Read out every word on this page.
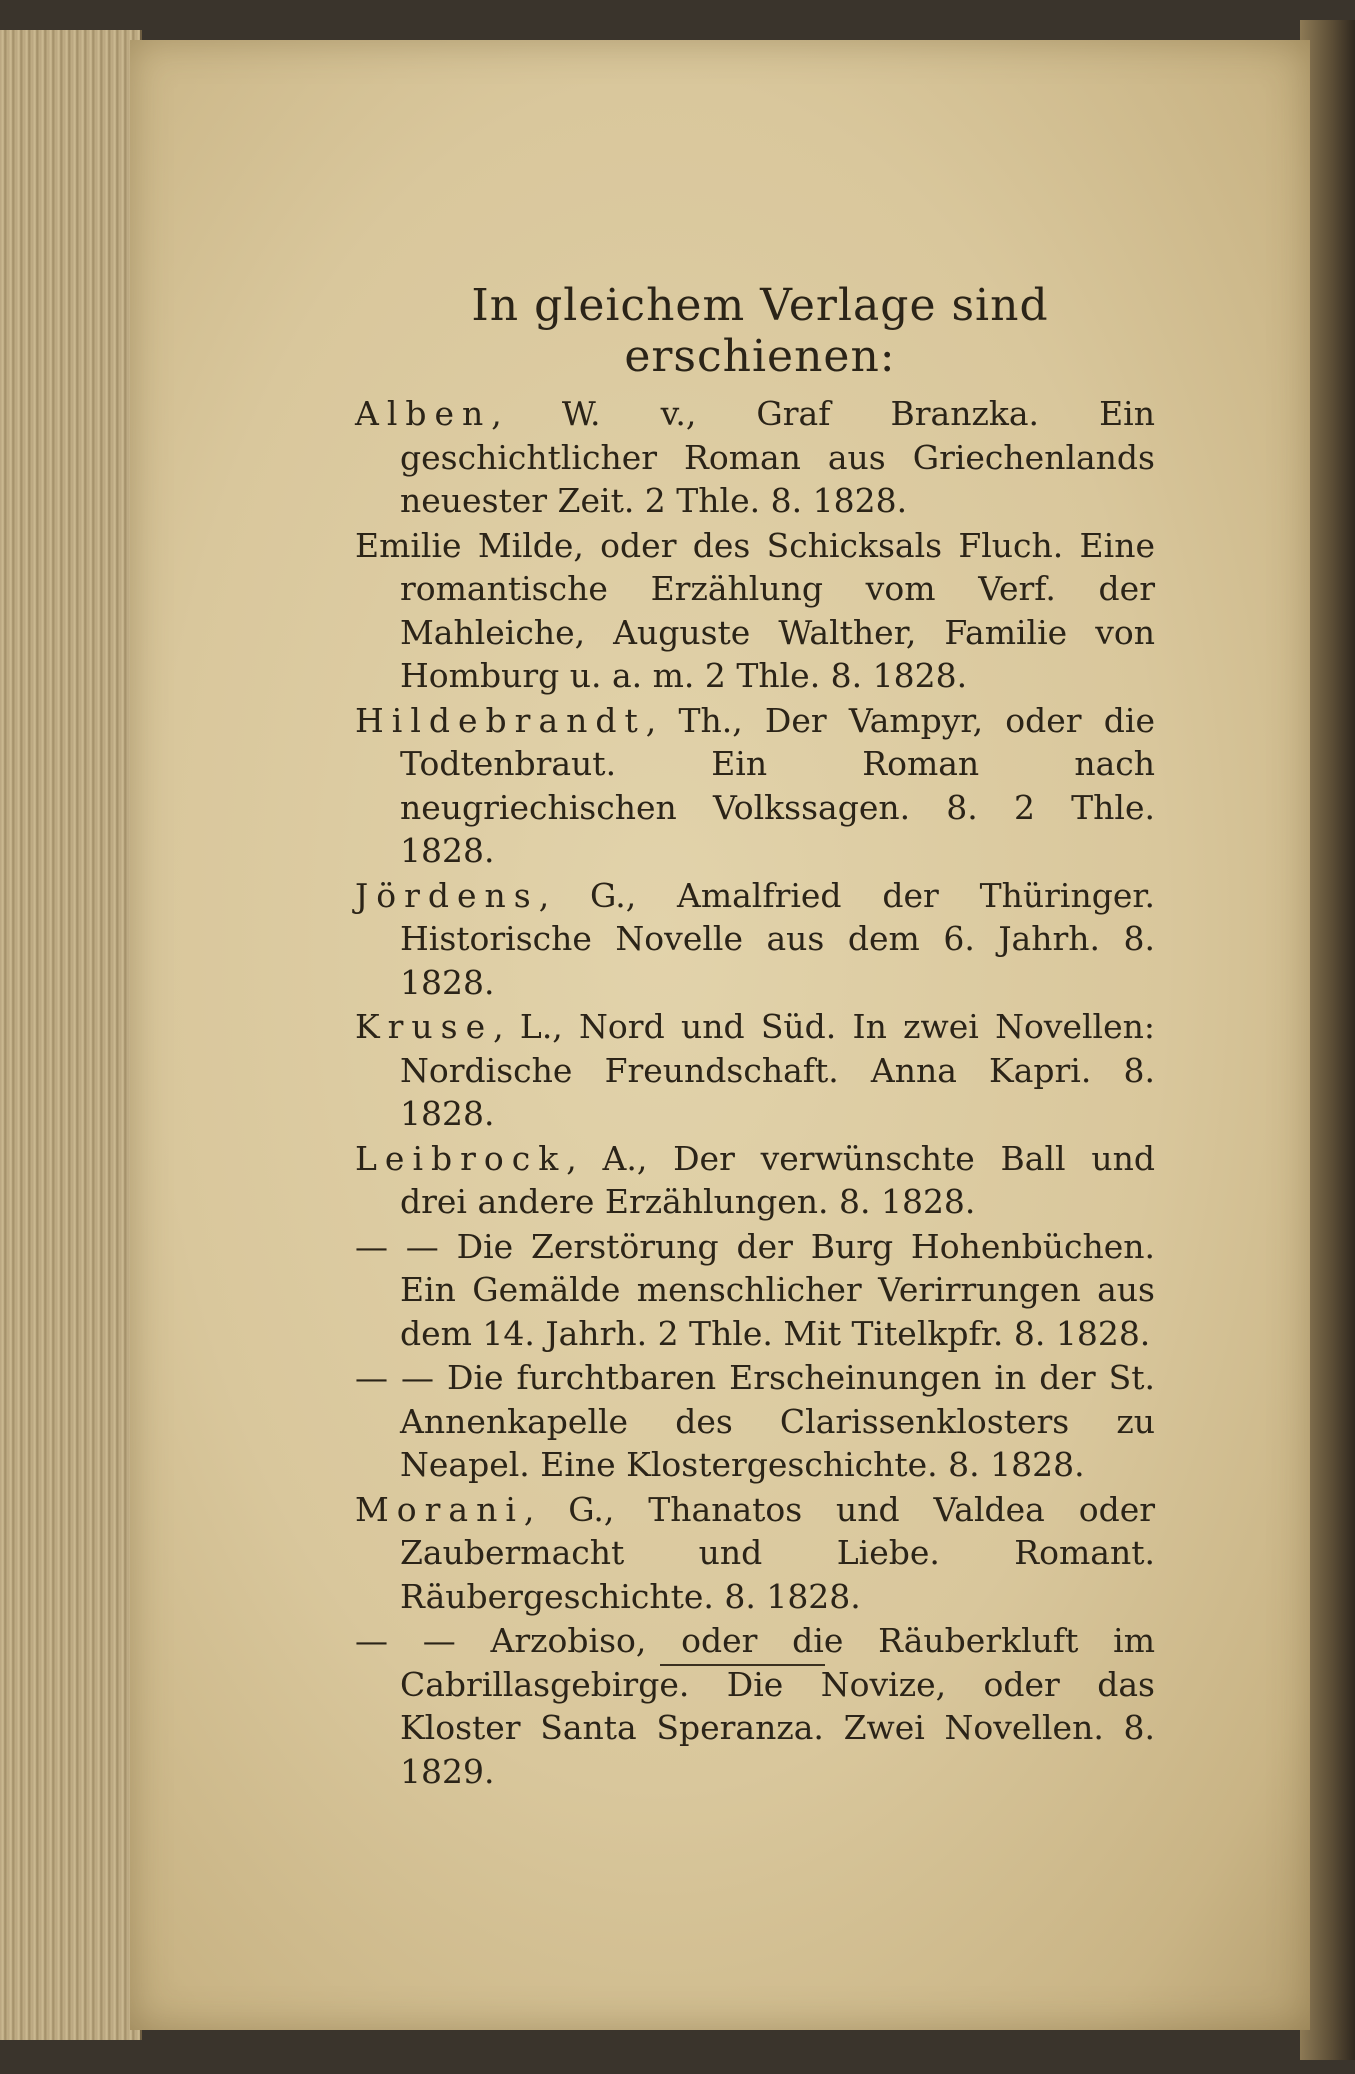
In gleichem Verlage sind erschienen:

Alben, W. v., Graf Branzka. Ein geschichtlicher Roman aus Griechenlands neuester Zeit. 2 Thle. 8. 1828.

Emilie Milde, oder des Schicksals Fluch. Eine romantische Erzählung vom Verf. der Mahleiche, Auguste Walther, Familie von Homburg u. a. m. 2 Thle. 8. 1828.

Hildebrandt, Th., Der Vampyr, oder die Todtenbraut. Ein Roman nach neugriechischen Volkssagen. 8. 2 Thle. 1828.

Jördens, G., Amalfried der Thüringer. Historische Novelle aus dem 6. Jahrh. 8. 1828.

Kruse, L., Nord und Süd. In zwei Novellen: Nordische Freundschaft. Anna Kapri. 8. 1828.

Leibrock, A., Der verwünschte Ball und drei andere Erzählungen. 8. 1828.

— — Die Zerstörung der Burg Hohenbüchen. Ein Gemälde menschlicher Verirrungen aus dem 14. Jahrh. 2 Thle. Mit Titelkpfr. 8. 1828.

— — Die furchtbaren Erscheinungen in der St. Annenkapelle des Clarissenklosters zu Neapel. Eine Klostergeschichte. 8. 1828.

Morani, G., Thanatos und Valdea oder Zaubermacht und Liebe. Romant. Räubergeschichte. 8. 1828.

— — Arzobiso, oder die Räuberkluft im Cabrillasgebirge. Die Novize, oder das Kloster Santa Speranza. Zwei Novellen. 8. 1829.
